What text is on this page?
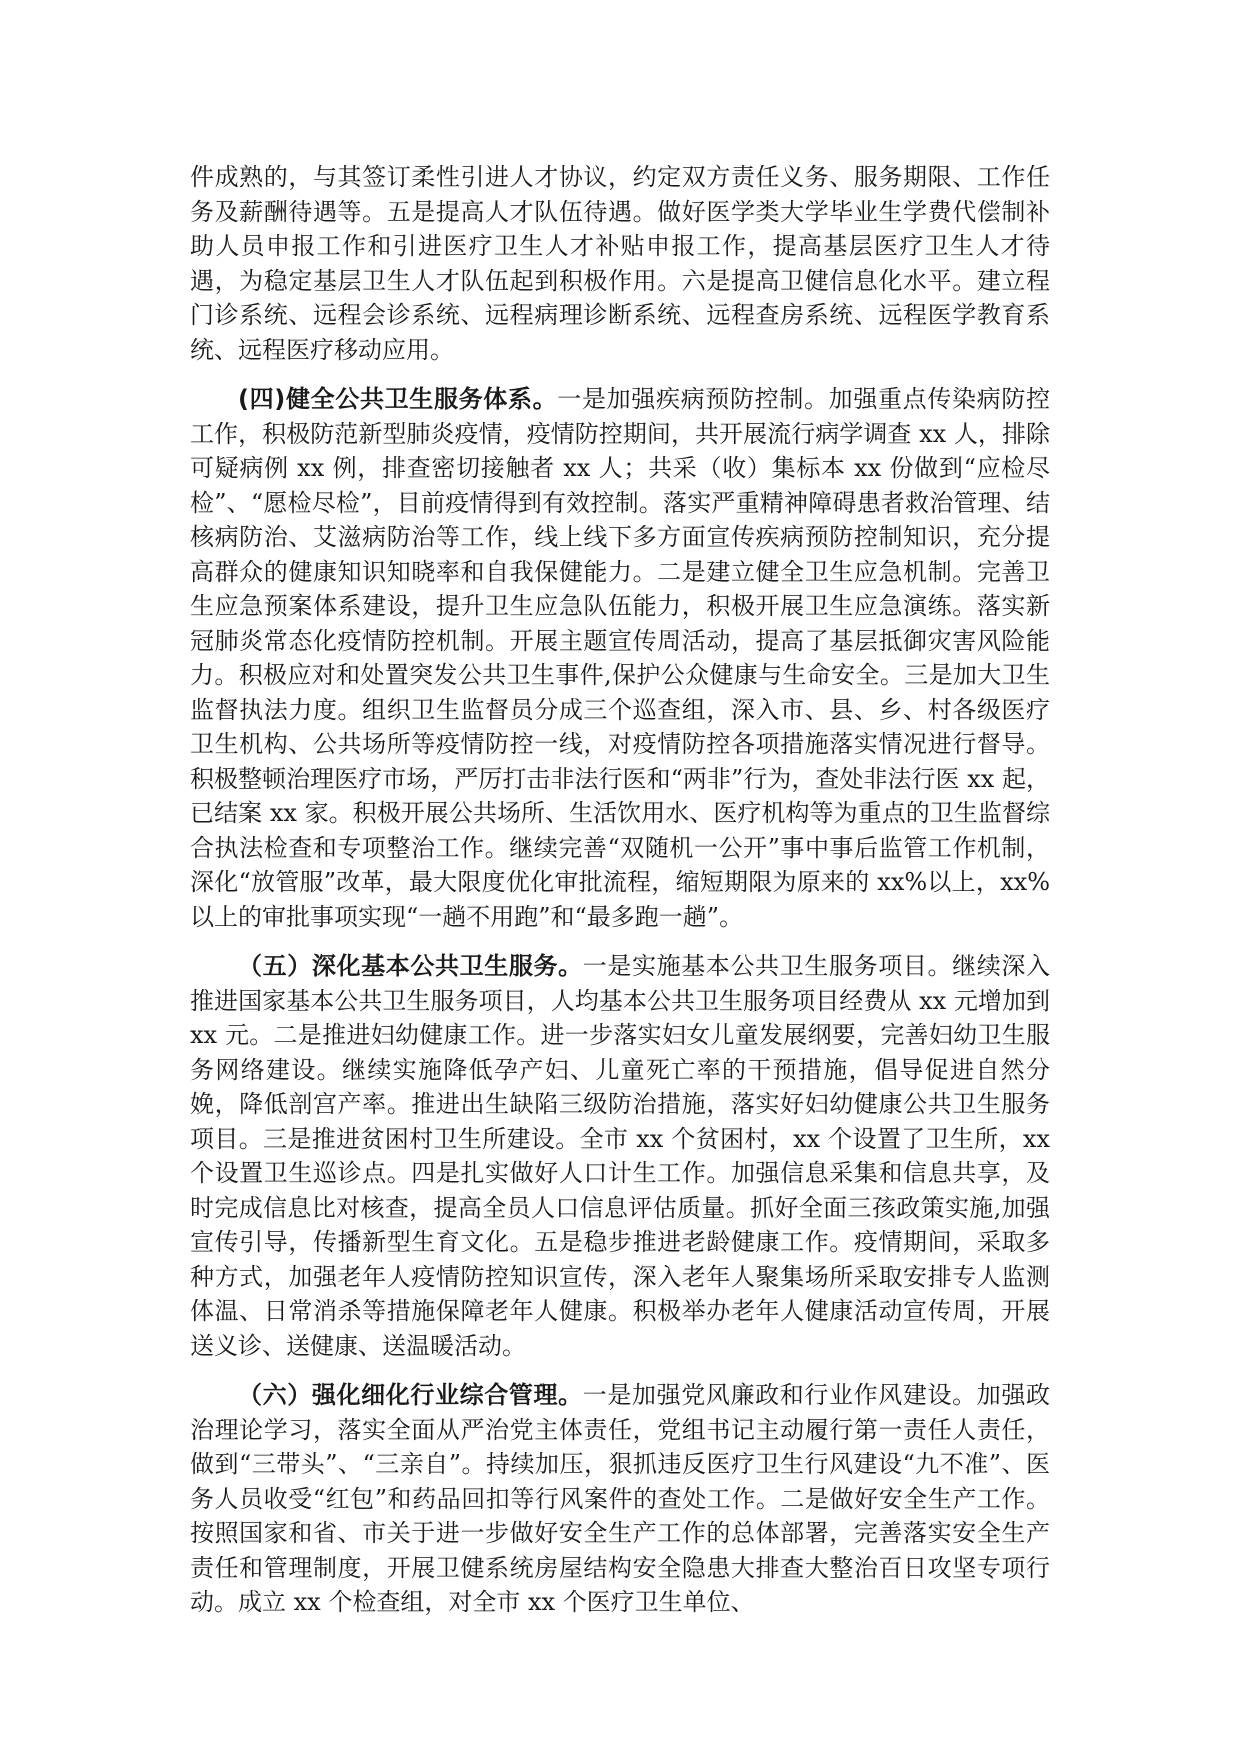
件成熟的，与其签订柔性引进人才协议，约定双方责任义务、服务期限、工作任务及薪酬待遇等。五是提高人才队伍待遇。做好医学类大学毕业生学费代偿制补助人员申报工作和引进医疗卫生人才补贴申报工作，提高基层医疗卫生人才待遇，为稳定基层卫生人才队伍起到积极作用。六是提高卫健信息化水平。建立程门诊系统、远程会诊系统、远程病理诊断系统、远程查房系统、远程医学教育系统、远程医疗移动应用。

(四)健全公共卫生服务体系。一是加强疾病预防控制。加强重点传染病防控工作，积极防范新型肺炎疫情，疫情防控期间，共开展流行病学调查 xx 人，排除可疑病例 xx 例，排查密切接触者 xx 人；共采（收）集标本 xx 份做到“应检尽检”、“愿检尽检”，目前疫情得到有效控制。落实严重精神障碍患者救治管理、结核病防治、艾滋病防治等工作，线上线下多方面宣传疾病预防控制知识，充分提高群众的健康知识知晓率和自我保健能力。二是建立健全卫生应急机制。完善卫生应急预案体系建设，提升卫生应急队伍能力，积极开展卫生应急演练。落实新冠肺炎常态化疫情防控机制。开展主题宣传周活动，提高了基层抵御灾害风险能力。积极应对和处置突发公共卫生事件,保护公众健康与生命安全。三是加大卫生监督执法力度。组织卫生监督员分成三个巡查组，深入市、县、乡、村各级医疗卫生机构、公共场所等疫情防控一线，对疫情防控各项措施落实情况进行督导。积极整顿治理医疗市场，严厉打击非法行医和“两非”行为，查处非法行医 xx 起，已结案 xx 家。积极开展公共场所、生活饮用水、医疗机构等为重点的卫生监督综合执法检查和专项整治工作。继续完善“双随机一公开”事中事后监管工作机制，深化“放管服”改革，最大限度优化审批流程，缩短期限为原来的 xx%以上，xx%以上的审批事项实现“一趟不用跑”和“最多跑一趟”。

（五）深化基本公共卫生服务。一是实施基本公共卫生服务项目。继续深入推进国家基本公共卫生服务项目，人均基本公共卫生服务项目经费从 xx 元增加到 xx 元。二是推进妇幼健康工作。进一步落实妇女儿童发展纲要，完善妇幼卫生服务网络建设。继续实施降低孕产妇、儿童死亡率的干预措施，倡导促进自然分娩，降低剖宫产率。推进出生缺陷三级防治措施，落实好妇幼健康公共卫生服务项目。三是推进贫困村卫生所建设。全市 xx 个贫困村，xx 个设置了卫生所，xx 个设置卫生巡诊点。四是扎实做好人口计生工作。加强信息采集和信息共享，及时完成信息比对核查，提高全员人口信息评估质量。抓好全面三孩政策实施,加强宣传引导，传播新型生育文化。五是稳步推进老龄健康工作。疫情期间，采取多种方式，加强老年人疫情防控知识宣传，深入老年人聚集场所采取安排专人监测体温、日常消杀等措施保障老年人健康。积极举办老年人健康活动宣传周，开展送义诊、送健康、送温暖活动。

（六）强化细化行业综合管理。一是加强党风廉政和行业作风建设。加强政治理论学习，落实全面从严治党主体责任，党组书记主动履行第一责任人责任，做到“三带头”、“三亲自”。持续加压，狠抓违反医疗卫生行风建设“九不准”、医务人员收受“红包”和药品回扣等行风案件的查处工作。二是做好安全生产工作。按照国家和省、市关于进一步做好安全生产工作的总体部署，完善落实安全生产责任和管理制度，开展卫健系统房屋结构安全隐患大排查大整治百日攻坚专项行动。成立 xx 个检查组，对全市 xx 个医疗卫生单位、
